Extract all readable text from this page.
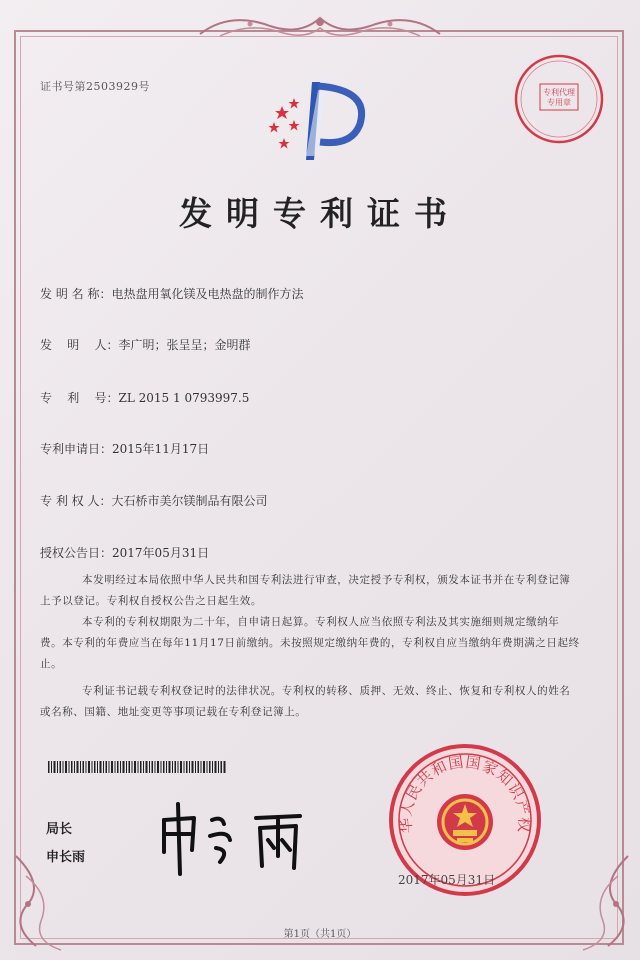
证书号第2503929号	专利代理专用章
发明专利证书
发 明 名 称：电热盘用氧化镁及电热盘的制作方法
发    明    人：李广明；张呈呈；金明群
专    利    号：ZL 2015 1 0793997.5
专利申请日：2015年11月17日
专 利 权 人：大石桥市美尔镁制品有限公司
授权公告日：2017年05月31日

本发明经过本局依照中华人民共和国专利法进行审查，决定授予专利权，颁发本证书并在专利登记簿上予以登记。专利权自授权公告之日起生效。

本专利的专利权期限为二十年，自申请日起算。专利权人应当依照专利法及其实施细则规定缴纳年费。本专利的年费应当在每年11月17日前缴纳。未按照规定缴纳年费的，专利权自应当缴纳年费期满之日起终止。

专利证书记载专利权登记时的法律状况。专利权的转移、质押、无效、终止、恢复和专利权人的姓名或名称、国籍、地址变更等事项记载在专利登记簿上。

局长
申长雨
华人民共和国国家知识产权
2017年05月31日
第1页（共1页）
